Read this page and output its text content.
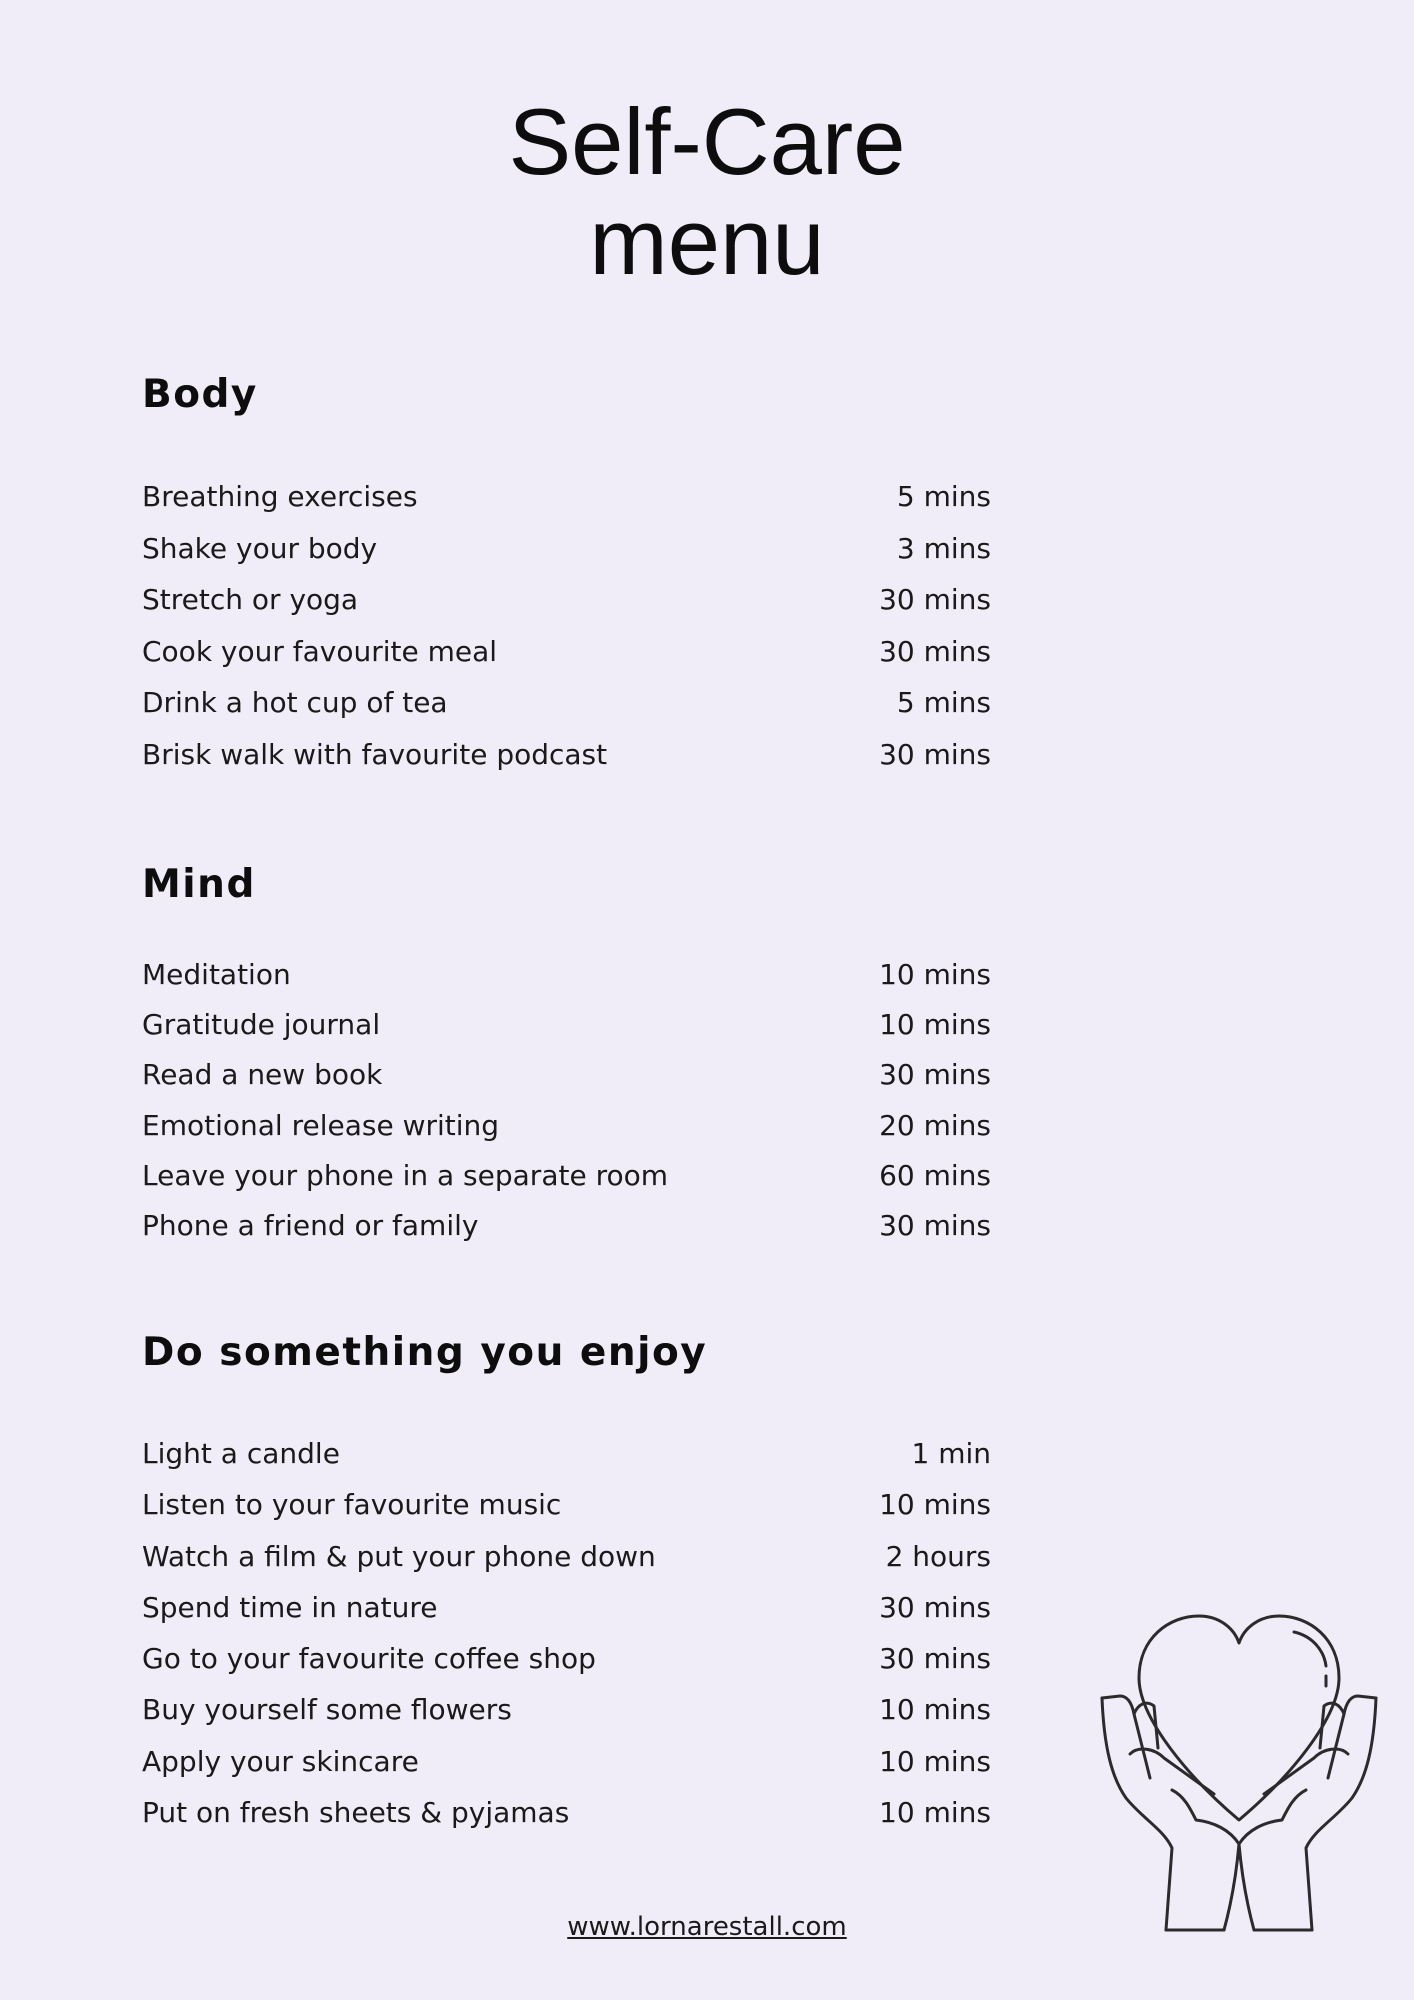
Self-Care
menu
Body
Breathing exercises	5 mins
Shake your body	3 mins
Stretch or yoga	30 mins
Cook your favourite meal	30 mins
Drink a hot cup of tea	5 mins
Brisk walk with favourite podcast	30 mins
Mind
Meditation	10 mins
Gratitude journal	10 mins
Read a new book	30 mins
Emotional release writing	20 mins
Leave your phone in a separate room	60 mins
Phone a friend or family	30 mins
Do something you enjoy
Light a candle	1 min
Listen to your favourite music	10 mins
Watch a film & put your phone down	2 hours
Spend time in nature	30 mins
Go to your favourite coffee shop	30 mins
Buy yourself some flowers	10 mins
Apply your skincare	10 mins
Put on fresh sheets & pyjamas	10 mins
www.lornarestall.com
